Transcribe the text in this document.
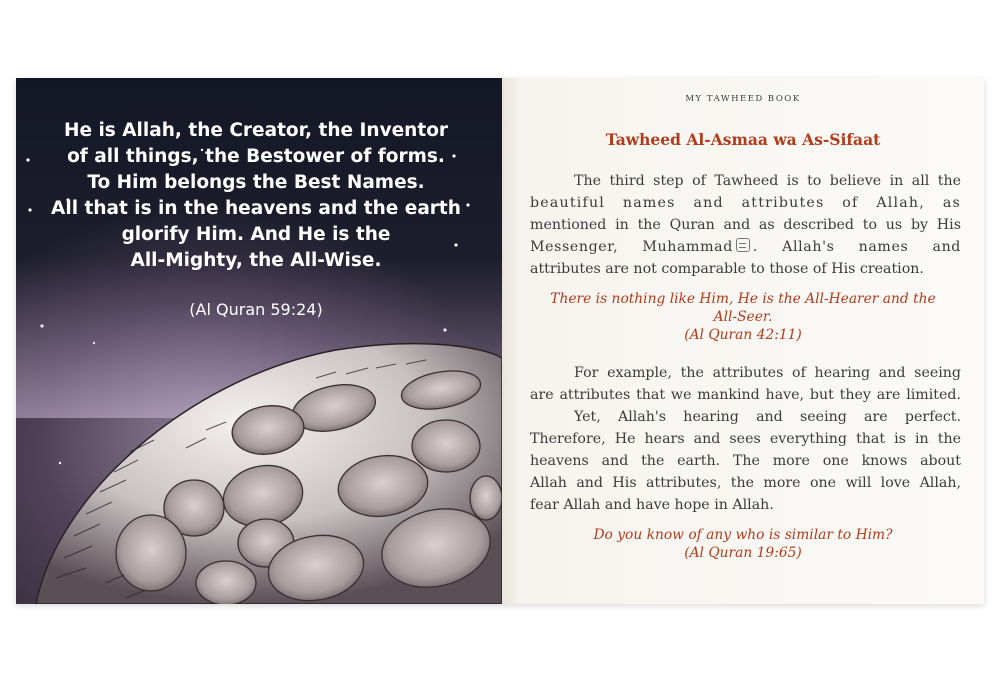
He is Allah, the Creator, the Inventor
of all things, the Bestower of forms.
To Him belongs the Best Names.
All that is in the heavens and the earth
glorify Him. And He is the
All-Mighty, the All-Wise.
(Al Quran 59:24)
MY TAWHEED BOOK
Tawheed Al-Asmaa wa As-Sifaat
The third step of Tawheed is to believe in all the
beautiful names and attributes of Allah, as
mentioned in the Quran and as described to us by His
Messenger, Muhammad . Allah's names and
attributes are not comparable to those of His creation.
There is nothing like Him, He is the All-Hearer and the
All-Seer.
(Al Quran 42:11)
For example, the attributes of hearing and seeing
are attributes that we mankind have, but they are limited.
Yet, Allah's hearing and seeing are perfect.
Therefore, He hears and sees everything that is in the
heavens and the earth. The more one knows about
Allah and His attributes, the more one will love Allah,
fear Allah and have hope in Allah.
Do you know of any who is similar to Him?
(Al Quran 19:65)
